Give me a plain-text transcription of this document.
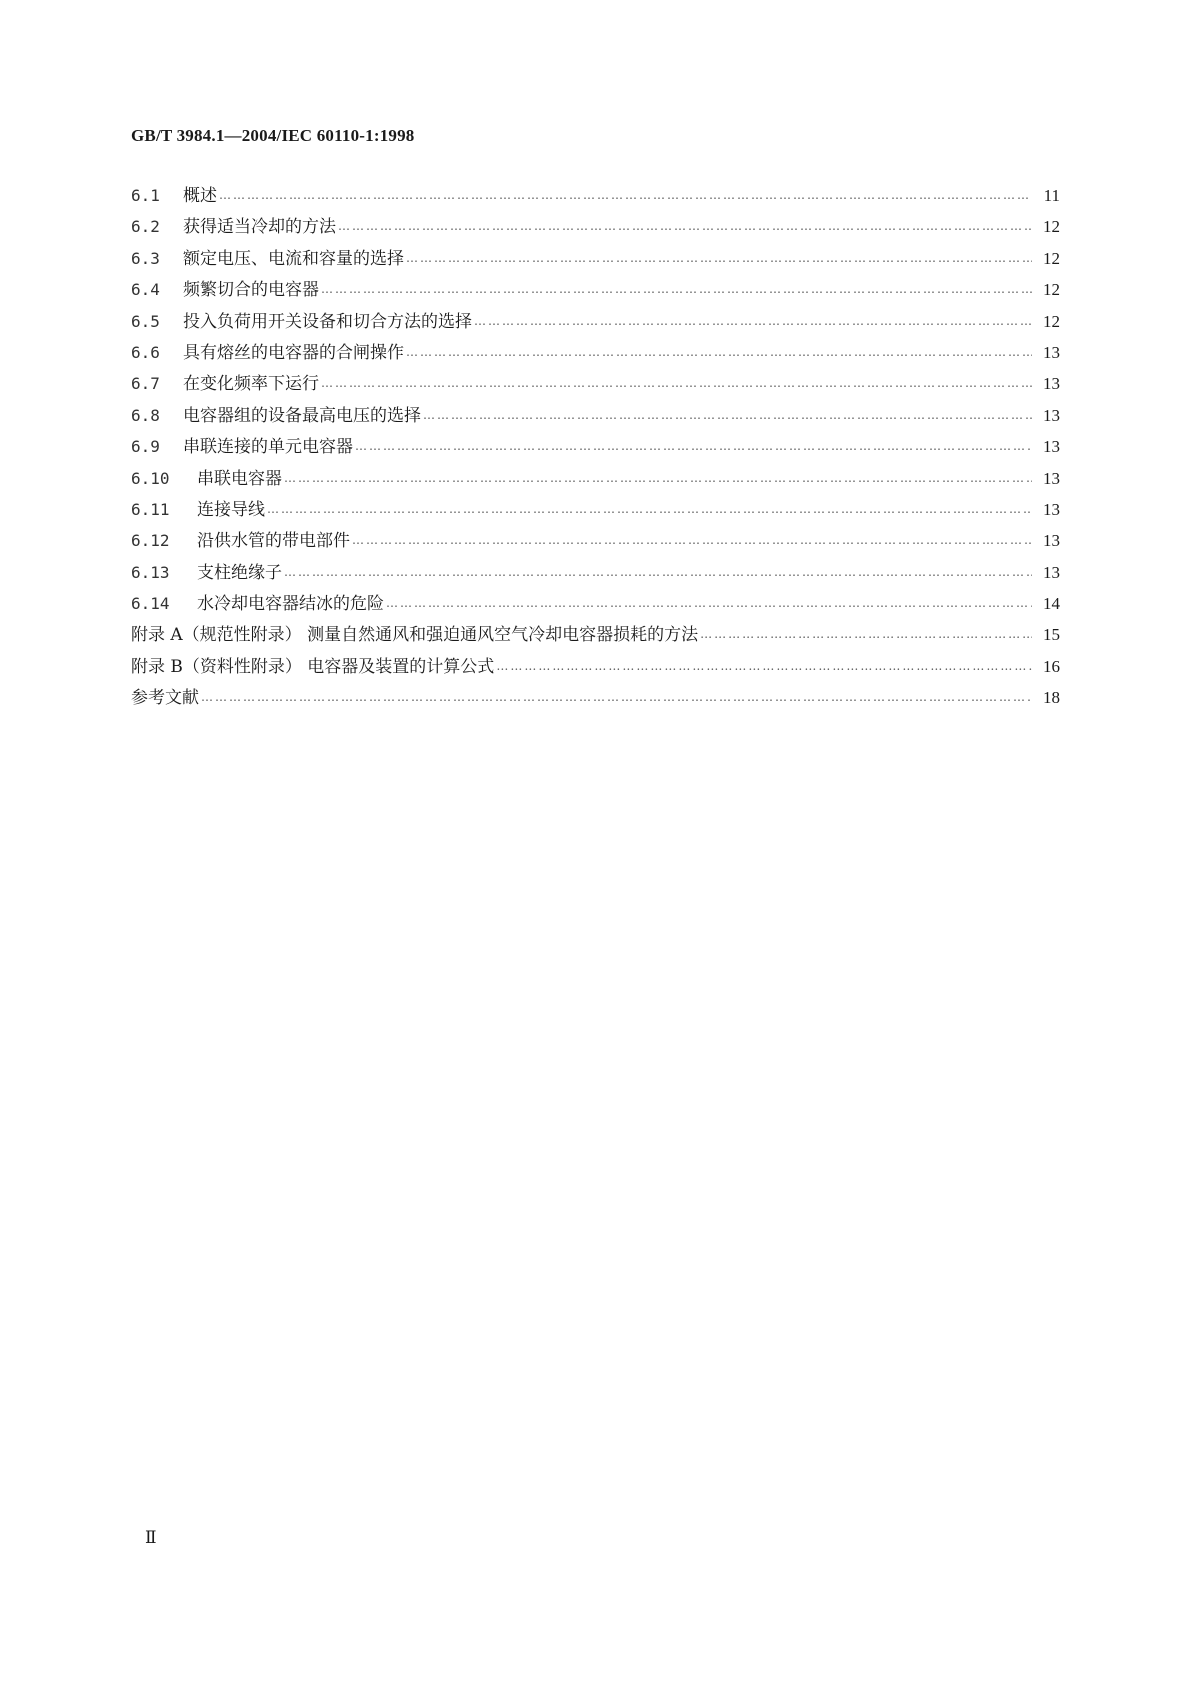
GB/T 3984.1—2004/IEC 60110-1:1998
6.1	概述 …………………………………………………………………………………………………………………………………………………………………………………………………………………………………………………………	11
6.2	获得适当冷却的方法 …………………………………………………………………………………………………………………………………………………………………………………………………………………………………………………………	12
6.3	额定电压、电流和容量的选择 …………………………………………………………………………………………………………………………………………………………………………………………………………………………………………………………	12
6.4	频繁切合的电容器 …………………………………………………………………………………………………………………………………………………………………………………………………………………………………………………………	12
6.5	投入负荷用开关设备和切合方法的选择 …………………………………………………………………………………………………………………………………………………………………………………………………………………………………………………………	12
6.6	具有熔丝的电容器的合闸操作 …………………………………………………………………………………………………………………………………………………………………………………………………………………………………………………………	13
6.7	在变化频率下运行 …………………………………………………………………………………………………………………………………………………………………………………………………………………………………………………………	13
6.8	电容器组的设备最高电压的选择 …………………………………………………………………………………………………………………………………………………………………………………………………………………………………………………………	13
6.9	串联连接的单元电容器 …………………………………………………………………………………………………………………………………………………………………………………………………………………………………………………………	13
6.10	串联电容器 …………………………………………………………………………………………………………………………………………………………………………………………………………………………………………………………	13
6.11	连接导线 …………………………………………………………………………………………………………………………………………………………………………………………………………………………………………………………	13
6.12	沿供水管的带电部件 …………………………………………………………………………………………………………………………………………………………………………………………………………………………………………………………	13
6.13	支柱绝缘子 …………………………………………………………………………………………………………………………………………………………………………………………………………………………………………………………	13
6.14	水冷却电容器结冰的危险 …………………………………………………………………………………………………………………………………………………………………………………………………………………………………………………………	14
附录 A（规范性附录） 测量自然通风和强迫通风空气冷却电容器损耗的方法 …………………………………………………………………………………………………………………………………………………………………………………………………………………………………………………………	15
附录 B（资料性附录） 电容器及装置的计算公式 …………………………………………………………………………………………………………………………………………………………………………………………………………………………………………………………	16
参考文献 …………………………………………………………………………………………………………………………………………………………………………………………………………………………………………………………	18
Ⅱ
